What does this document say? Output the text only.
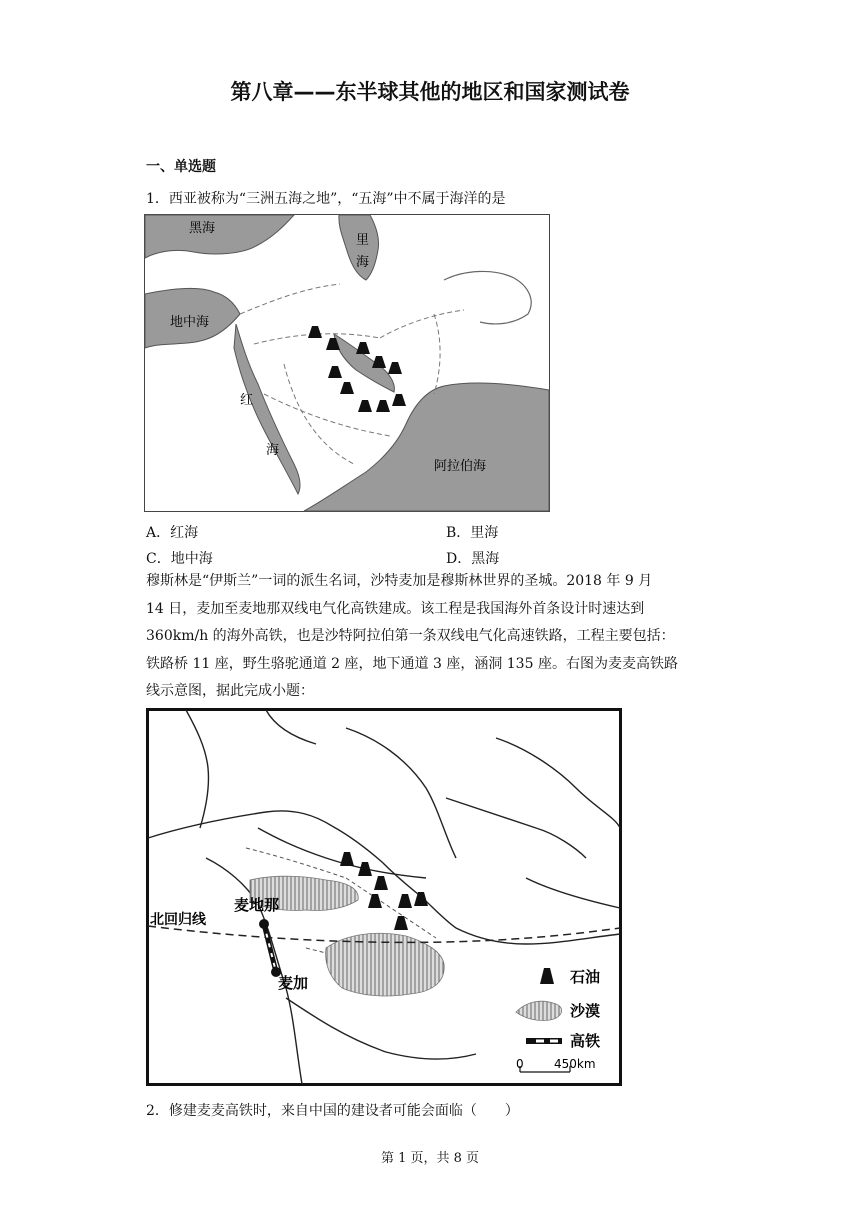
第八章——东半球其他的地区和国家测试卷
一、单选题
1．西亚被称为“三洲五海之地”，“五海”中不属于海洋的是
黑海
里
海
地中海
红
海
阿拉伯海
A．红海	B．里海
C．地中海	D．黑海
穆斯林是“伊斯兰”一词的派生名词，沙特麦加是穆斯林世界的圣城。2018 年 9 月
14 日，麦加至麦地那双线电气化高铁建成。该工程是我国海外首条设计时速达到
360km/h 的海外高铁，也是沙特阿拉伯第一条双线电气化高速铁路，工程主要包括：
铁路桥 11 座，野生骆驼通道 2 座，地下通道 3 座，涵洞 135 座。右图为麦麦高铁路
线示意图，据此完成小题：
麦地那
麦加
北回归线
石油
沙漠
高铁
0	450km
2．修建麦麦高铁时，来自中国的建设者可能会面临（　　）
第 1 页，共 8 页
